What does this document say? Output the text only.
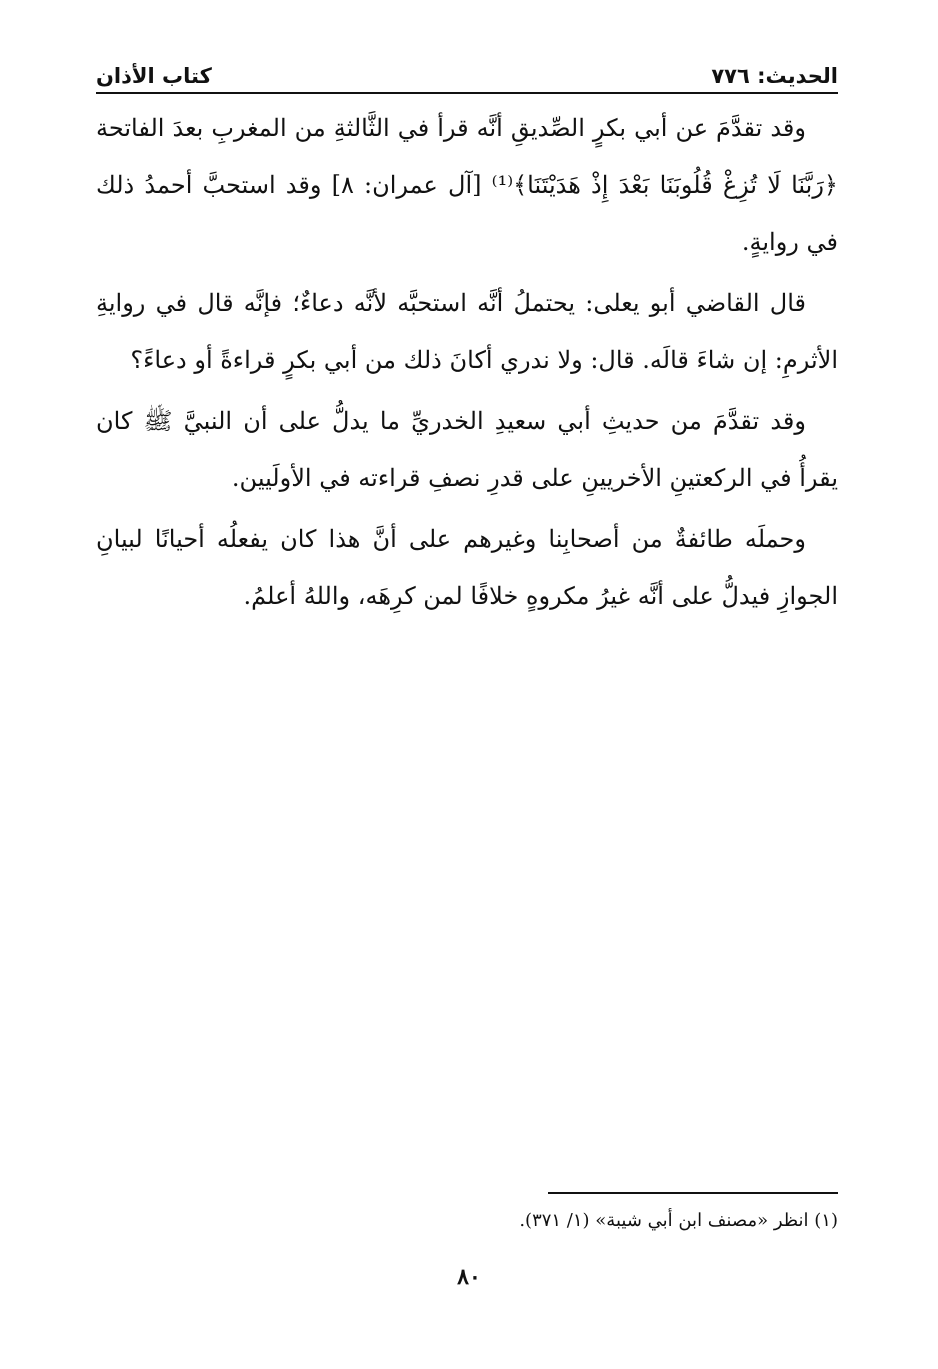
الحديث: ٧٧٦
كتاب الأذان

وقد تقدَّمَ عن أبي بكرٍ الصِّديقِ أنَّه قرأ في الثَّالثةِ من المغربِ بعدَ الفاتحة ﴿رَبَّنَا لَا تُزِغْ قُلُوبَنَا بَعْدَ إِذْ هَدَيْتَنَا﴾⁽¹⁾ [آل عمران: ٨] وقد استحبَّ أحمدُ ذلك في روايةٍ.

قال القاضي أبو يعلى: يحتملُ أنَّه استحبَّه لأنَّه دعاءٌ؛ فإنَّه قال في روايةِ الأثرمِ: إن شاءَ قالَه. قال: ولا ندري أكانَ ذلك من أبي بكرٍ قراءةً أو دعاءً؟

وقد تقدَّمَ من حديثِ أبي سعيدِ الخدريِّ ما يدلُّ على أن النبيَّ ﷺ كان يقرأُ في الركعتينِ الأخريينِ على قدرِ نصفِ قراءته في الأولَيين.

وحملَه طائفةٌ من أصحابِنا وغيرهم على أنَّ هذا كان يفعلُه أحيانًا لبيانِ الجوازِ فيدلُّ على أنَّه غيرُ مكروهٍ خلافًا لمن كرِهَه، واللهُ أعلمُ.

(١) انظر «مصنف ابن أبي شيبة» (١/ ٣٧١).
٨٠
